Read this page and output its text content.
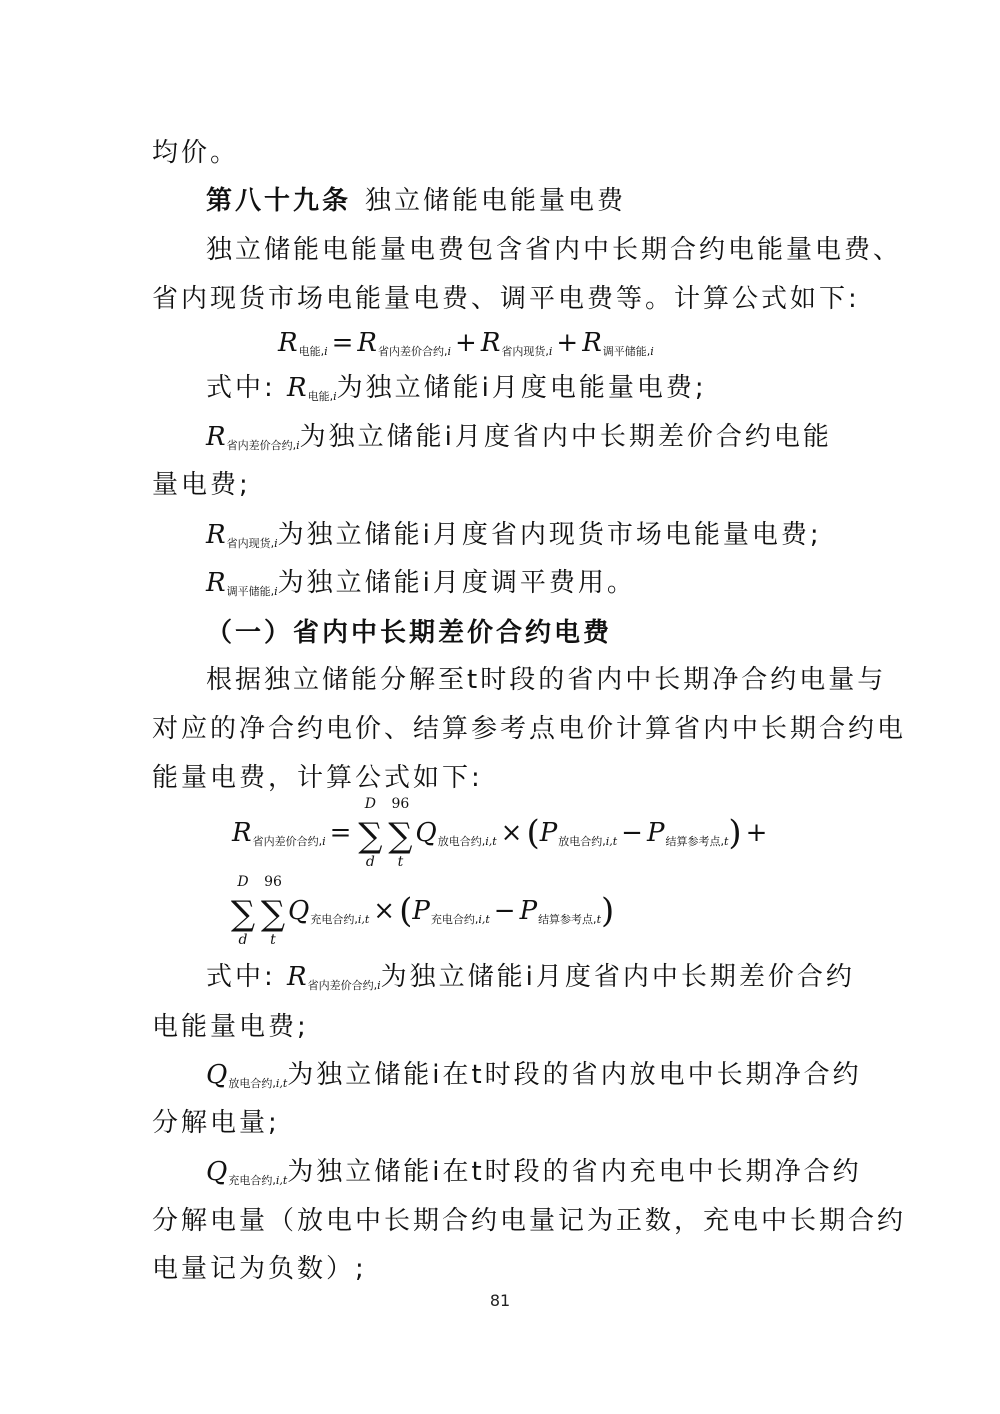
均价。
第八十九条 独立储能电能量电费
独立储能电能量电费包含省内中长期合约电能量电费、
省内现货市场电能量电费、调平电费等。计算公式如下:
$R_{电能,i} = R_{省内差价合约,i} + R_{省内现货,i} + R_{调平储能,i}$
式中: $R_{电能,i}$为独立储能i月度电能量电费;
$R_{省内差价合约,i}$为独立储能i月度省内中长期差价合约电能
量电费;
$R_{省内现货,i}$为独立储能i月度省内现货市场电能量电费;
$R_{调平储能,i}$为独立储能i月度调平费用。
（一）省内中长期差价合约电费
根据独立储能分解至t时段的省内中长期净合约电量与
对应的净合约电价、结算参考点电价计算省内中长期合约电
能量电费，计算公式如下:
$R_{省内差价合约,i}$ =
D
∑
d
96
∑
t
$Q_{放电合约,i,t} \times (P_{放电合约,i,t} - P_{结算参考点,t})$ +
D
∑
d
96
∑
t
$Q_{充电合约,i,t} \times (P_{充电合约,i,t} - P_{结算参考点,t})$
式中: $R_{省内差价合约,i}$为独立储能i月度省内中长期差价合约
电能量电费;
$Q_{放电合约,i,t}$为独立储能i在t时段的省内放电中长期净合约
分解电量;
$Q_{充电合约,i,t}$为独立储能i在t时段的省内充电中长期净合约
分解电量（放电中长期合约电量记为正数，充电中长期合约
电量记为负数）;
81
